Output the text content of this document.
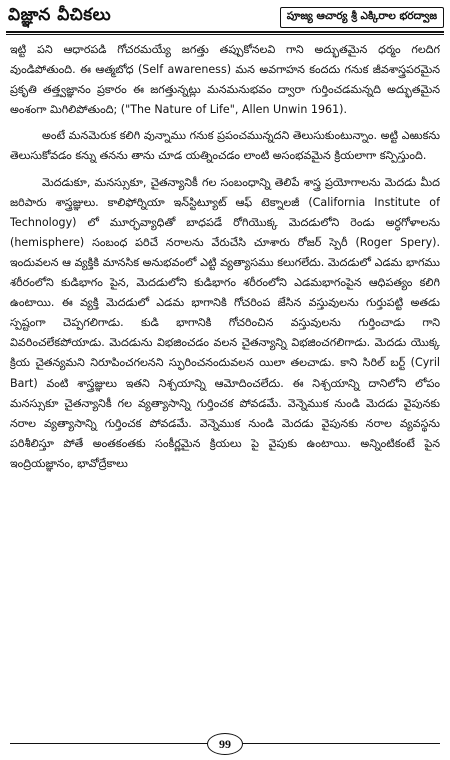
విజ్ఞాన వీచికలు	పూజ్య ఆచార్య శ్రీ ఎక్కిరాల భరద్వాజ

ఇట్టి పని ఆధారపడి గోచరమయ్యే జగత్తు తప్పుకోనలవి గాని అద్భుతమైన ధర్మం గలదిగ వుండిపోతుంది. ఈ ఆత్మబోధ (Self awareness) మన అవగాహన కందదు గనుక జీవశాస్త్రపరమైన ప్రకృతి తత్త్వజ్ఞానం ప్రకారం ఈ జగత్తున్నట్లు మనమనుభవం ద్వారా గుర్తించడమన్నది అద్భుతమైన అంశంగా మిగిలిపోతుంది; ("The Nature of Life", Allen Unwin 1961).

అంటే మనమెరుక కలిగి వున్నాము గనుక ప్రపంచమున్నదని తెలుసుకుంటున్నాం. అట్టి ఎఱుకను తెలుసుకోవడం కన్ను తనను తాను చూడ యత్నించడం లాంటి అసంభవమైన క్రియలాగా కన్పిస్తుంది.

మెదడుకూ, మనస్సుకూ, చైతన్యానికీ గల సంబంధాన్ని తెలిపే శాస్త్ర ప్రయోగాలను మెదడు మీద జరిపారు శాస్త్రజ్ఞులు. కాలిఫోర్నియా ఇన్‌స్టిట్యూట్ ఆఫ్ టెక్నాలజీ (California Institute of Technology) లో మూర్ఛవ్యాధితో బాధపడే రోగియొక్క మెదడులోని రెండు అర్ధగోళాలను (hemisphere) సంబంధ పరిచే నరాలను వేరుచేసి చూశారు రోజర్ స్పెరీ (Roger Spery). ఇందువలన ఆ వ్యక్తికి మానసిక అనుభవంలో ఎట్టి వ్యత్యాసము కలుగలేదు. మెదడులో ఎడమ భాగము శరీరంలోని కుడిభాగం పైన, మెదడులోని కుడిభాగం శరీరంలోని ఎడమభాగంపైన ఆధిపత్యం కలిగి ఉంటాయి. ఈ వ్యక్తి మెదడులో ఎడమ భాగానికి గోచరింప జేసిన వస్తువులను గుర్తుపట్టి అతడు స్పష్టంగా చెప్పగలిగాడు. కుడి భాగానికి గోచరించిన వస్తువులను గుర్తించాడు గాని వివరించలేకపోయాడు. మెదడును విభజించడం వలన చైతన్యాన్ని విభజించగలిగాడు. మెదడు యొక్క క్రియ చైతన్యమని నిరూపించగలనని స్ఫురించనందువలన యిలా తలచాడు. కాని సిరిల్ బర్ట్ (Cyril Bart) వంటి శాస్త్రజ్ఞులు ఇతని నిశ్చయాన్ని ఆమోదించలేదు. ఈ నిశ్చయాన్ని దానిలోని లోపం మనస్సుకూ చైతన్యానికీ గల వ్యత్యాసాన్ని గుర్తించక పోవడమే. వెన్నెముక నుండి మెదడు వైపునకు నరాల వ్యత్యాసాన్ని గుర్తించక పోవడమే. వెన్నెముక నుండి మెదడు వైపునకు నరాల వ్యవస్థను పరిశీలిస్తూ పోతే అంతకంతకు సంకీర్ణమైన క్రియలు పై వైపుకు ఉంటాయి. అన్నింటికంటే పైన ఇంద్రియజ్ఞానం, భావోద్రేకాలు

99
